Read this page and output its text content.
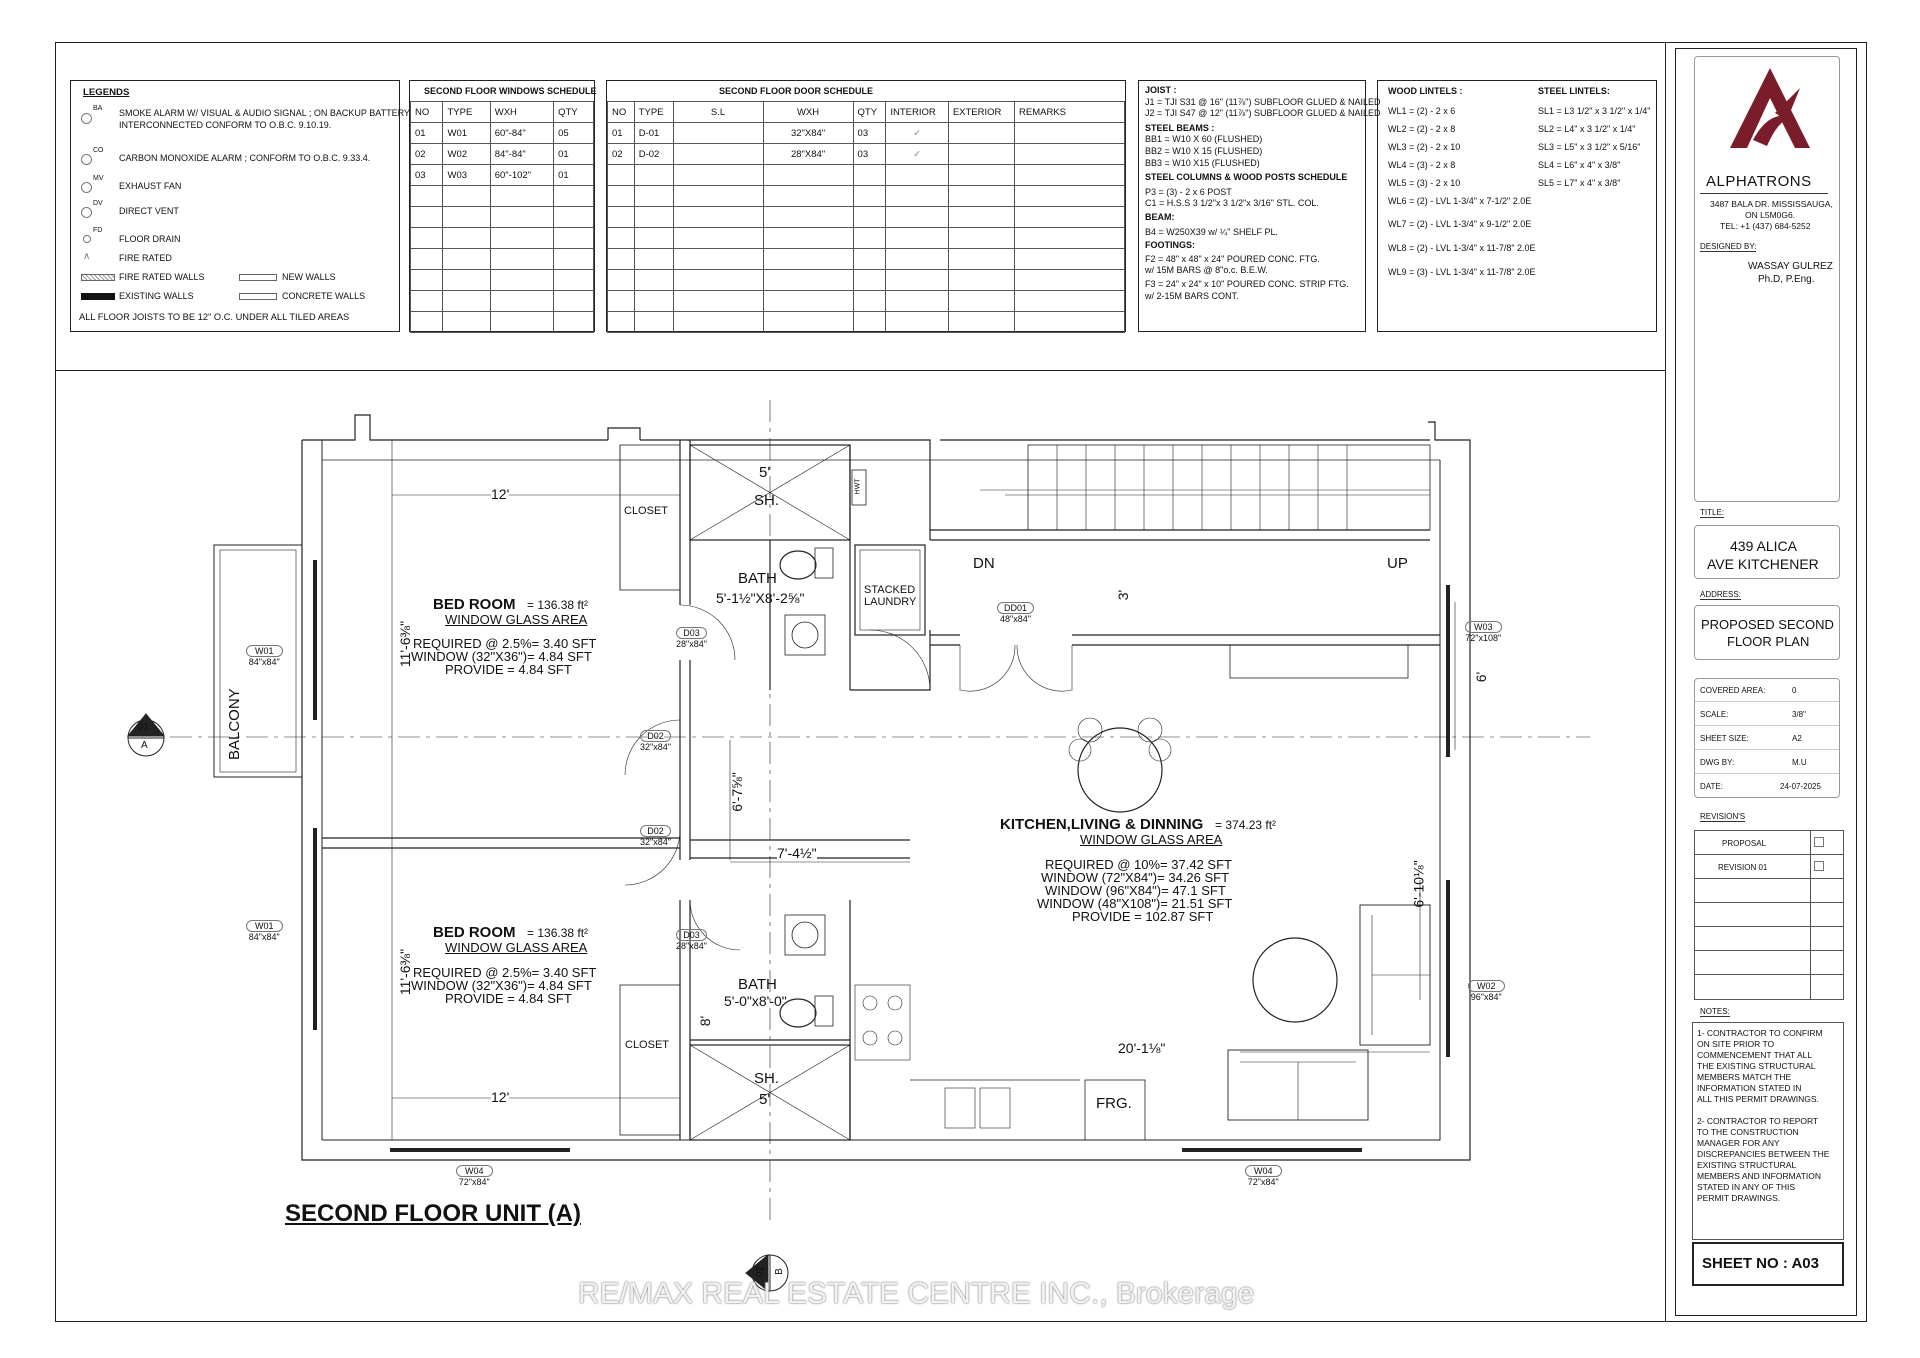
LEGENDS
BA SMOKE ALARM W/ VISUAL & AUDIO SIGNAL ; ON BACKUP BATTERY
INTERCONNECTED CONFORM TO O.B.C. 9.10.19.
CO
CARBON MONOXIDE ALARM ; CONFORM TO O.B.C. 9.33.4.
MV
EXHAUST FAN
DV
DIRECT VENT
FD
FLOOR DRAIN
∧	FIRE RATED
FIRE RATED WALLS	NEW WALLS
EXISTING WALLS	CONCRETE WALLS
ALL FLOOR JOISTS TO BE 12" O.C. UNDER ALL TILED AREAS
SECOND FLOOR WINDOWS SCHEDULE
NO	TYPE	WXH	QTY
01	W01	60"-84"	05
02	W02	84"-84"	01
03	W03	60"-102"	01

SECOND FLOOR DOOR SCHEDULE
NO	TYPE	S.L	WXH	QTY	INTERIOR	EXTERIOR	REMARKS
01	D-01		32"X84"	03	✓		
02	D-02		28"X84"	03	✓		

JOIST :
J1 = TJI S31 @ 16" (11⅞") SUBFLOOR GLUED & NAILED
J2 = TJI S47 @ 12" (11⅞") SUBFLOOR GLUED & NAILED
STEEL BEAMS :
BB1 = W10 X 60 (FLUSHED)
BB2 = W10 X 15 (FLUSHED)
BB3 = W10 X15 (FLUSHED)
STEEL COLUMNS & WOOD POSTS SCHEDULE
P3 = (3) - 2 x 6 POST
C1 = H.S.S 3 1/2"x 3 1/2"x 3/16" STL. COL.
BEAM:
B4 = W250X39 w/ ¼" SHELF PL.
FOOTINGS:
F2 = 48" x 48" x 24" POURED CONC. FTG.
w/ 15M BARS @ 8"o.c. B.E.W.
F3 = 24" x 24" x 10" POURED CONC. STRIP FTG.
w/ 2-15M BARS CONT.
WOOD LINTELS :	STEEL LINTELS:
WL1 = (2) - 2 x 6
WL2 = (2) - 2 x 8
WL3 = (2) - 2 x 10
WL4 = (3) - 2 x 8
WL5 = (3) - 2 x 10
WL6 = (2) - LVL 1-3/4" x 7-1/2" 2.0E
WL7 = (2) - LVL 1-3/4" x 9-1/2" 2.0E
WL8 = (2) - LVL 1-3/4" x 11-7/8" 2.0E
WL9 = (3) - LVL 1-3/4" x 11-7/8" 2.0E
SL1 = L3 1/2" x 3 1/2" x 1/4"
SL2 = L4" x 3 1/2" x 1/4"
SL3 = L5" x 3 1/2" x 5/16"
SL4 = L6" x 4" x 3/8"
SL5 = L7" x 4" x 3/8"	ALPHATRONS
3487 BALA DR. MISSISSAUGA,
ON L5M0G6.
TEL: +1 (437) 684-5252
DESIGNED BY:
WASSAY GULREZ
Ph.D, P.Eng.
TITLE:
439 ALICA
AVE KITCHENER
ADDRESS:
PROPOSED SECOND
FLOOR PLAN
COVERED AREA:	0
SCALE:	3/8"
SHEET SIZE:	A2
DWG BY:	M.U
DATE:	24-07-2025
REVISION'S
PROPOSAL
REVISION 01
NOTES:
1- CONTRACTOR TO CONFIRM
ON SITE PRIOR TO
COMMENCEMENT THAT ALL
THE EXISTING STRUCTURAL
MEMBERS MATCH THE
INFORMATION STATED IN
ALL THIS PERMIT DRAWINGS.
2- CONTRACTOR TO REPORT
TO THE CONSTRUCTION
MANAGER FOR ANY
DISCREPANCIES BETWEEN THE
EXISTING STRUCTURAL
MEMBERS AND INFORMATION
STATED IN ANY OF THIS
PERMIT DRAWINGS.
SHEET NO : A03
SECOND FLOOR UNIT (A)
BED ROOM = 136.38 ft²
WINDOW GLASS AREA
REQUIRED @ 2.5%= 3.40 SFT
WINDOW (32"X36")= 4.84 SFT
PROVIDE = 4.84 SFT
BED ROOM = 136.38 ft²
WINDOW GLASS AREA
REQUIRED @ 2.5%= 3.40 SFT
WINDOW (32"X36")= 4.84 SFT
PROVIDE = 4.84 SFT
KITCHEN,LIVING & DINNING = 374.23 ft²
WINDOW GLASS AREA
REQUIRED @ 10%= 37.42 SFT
WINDOW (72"X84")= 34.26 SFT
WINDOW (96"X84")= 47.1 SFT
WINDOW (48"X108")= 21.51 SFT
PROVIDE = 102.87 SFT
CLOSET
CLOSET
5'
SH.
SH.
5'
BATH
5'-1½"X8'-2⅝"
BATH
5'-0"x8'-0"
STACKED
LAUNDRY
HWT
DN	UP
FRG.
BALCONY
12'
12'
11'-6⅜"
11'-6⅜"
3'
6'
6'-7⅝"
7'-4½"
6'-10⅛"
8'
20'-1⅛"
W01
84"x84"
W01
84"x84"
W03
72"x108"
W02
96"x84"
W04
72"x84"
W04
72"x84"
D03
28"x84"
D02
32"x84"
D02
32"x84"
D03
28"x84"
DD01
48"x84"
01
A
02 B
RE/MAX REAL ESTATE CENTRE INC., Brokerage
